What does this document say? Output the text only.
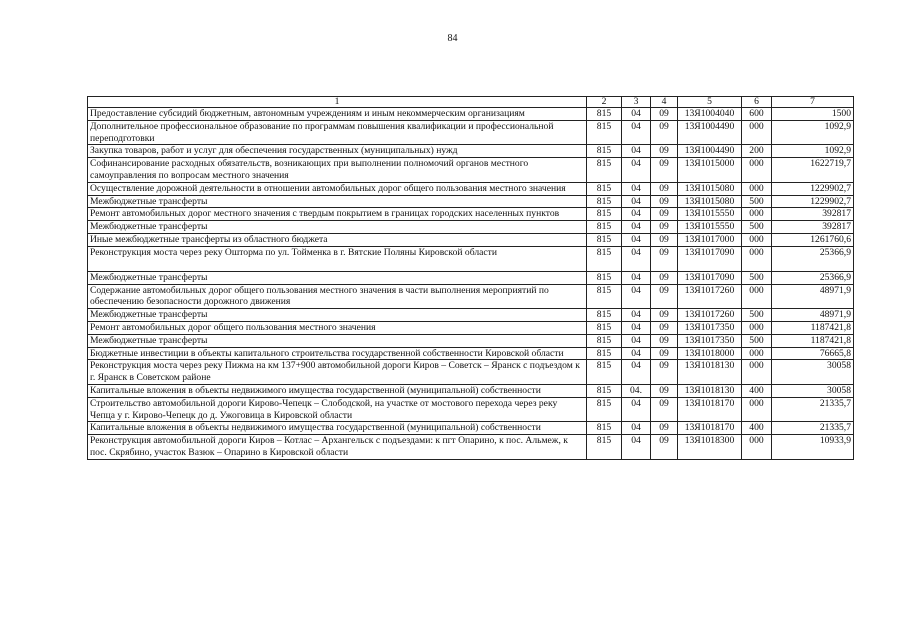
84
1	2	3	4	5	6	7
Предоставление субсидий бюджетным, автономным учреждениям и иным некоммерческим организациям	815	04	09	13Я1004040	600	1500
Дополнительное профессиональное образование по программам повышения квалификации и профессиональной переподготовки	815	04	09	13Я1004490	000	1092,9
Закупка товаров, работ и услуг для обеспечения государственных (муниципальных) нужд	815	04	09	13Я1004490	200	1092,9
Софинансирование расходных обязательств, возникающих при выполнении полномочий органов местного самоуправления по вопросам местного значения	815	04	09	13Я1015000	000	1622719,7
Осуществление дорожной деятельности в отношении автомобильных дорог общего пользования местного значения	815	04	09	13Я1015080	000	1229902,7
Межбюджетные трансферты	815	04	09	13Я1015080	500	1229902,7
Ремонт автомобильных дорог местного значения с твердым покрытием в границах городских населенных пунктов	815	04	09	13Я1015550	000	392817
Межбюджетные трансферты	815	04	09	13Я1015550	500	392817
Иные межбюджетные трансферты из областного бюджета	815	04	09	13Я1017000	000	1261760,6
Реконструкция моста через реку Ошторма по ул. Тойменка в г. Вятские Поляны Кировской области	815	04	09	13Я1017090	000	25366,9
Межбюджетные трансферты	815	04	09	13Я1017090	500	25366,9
Содержание автомобильных дорог общего пользования местного значения в части выполнения мероприятий по обеспечению безопасности дорожного движения	815	04	09	13Я1017260	000	48971,9
Межбюджетные трансферты	815	04	09	13Я1017260	500	48971,9
Ремонт автомобильных дорог общего пользования местного значения	815	04	09	13Я1017350	000	1187421,8
Межбюджетные трансферты	815	04	09	13Я1017350	500	1187421,8
Бюджетные инвестиции в объекты капитального строительства государственной собственности Кировской области	815	04	09	13Я1018000	000	76665,8
Реконструкция моста через реку Пижма на км 137+900 автомобильной дороги Киров – Советск – Яранск с подъездом к г. Яранск в Советском районе	815	04	09	13Я1018130	000	30058
Капитальные вложения в объекты недвижимого имущества государственной (муниципальной) собственности	815	04.	09	13Я1018130	400	30058
Строительство автомобильной дороги Кирово-Чепецк – Слободской, на участке от мостового перехода через реку Чепца у г. Кирово-Чепецк до д. Ужоговица в Кировской области	815	04	09	13Я1018170	000	21335,7
Капитальные вложения в объекты недвижимого имущества государственной (муниципальной) собственности	815	04	09	13Я1018170	400	21335,7
Реконструкция автомобильной дороги Киров – Котлас – Архангельск с подъездами: к пгт Опарино, к пос. Альмеж, к пос. Скрябино, участок Вазюк – Опарино в Кировской области	815	04	09	13Я1018300	000	10933,9
